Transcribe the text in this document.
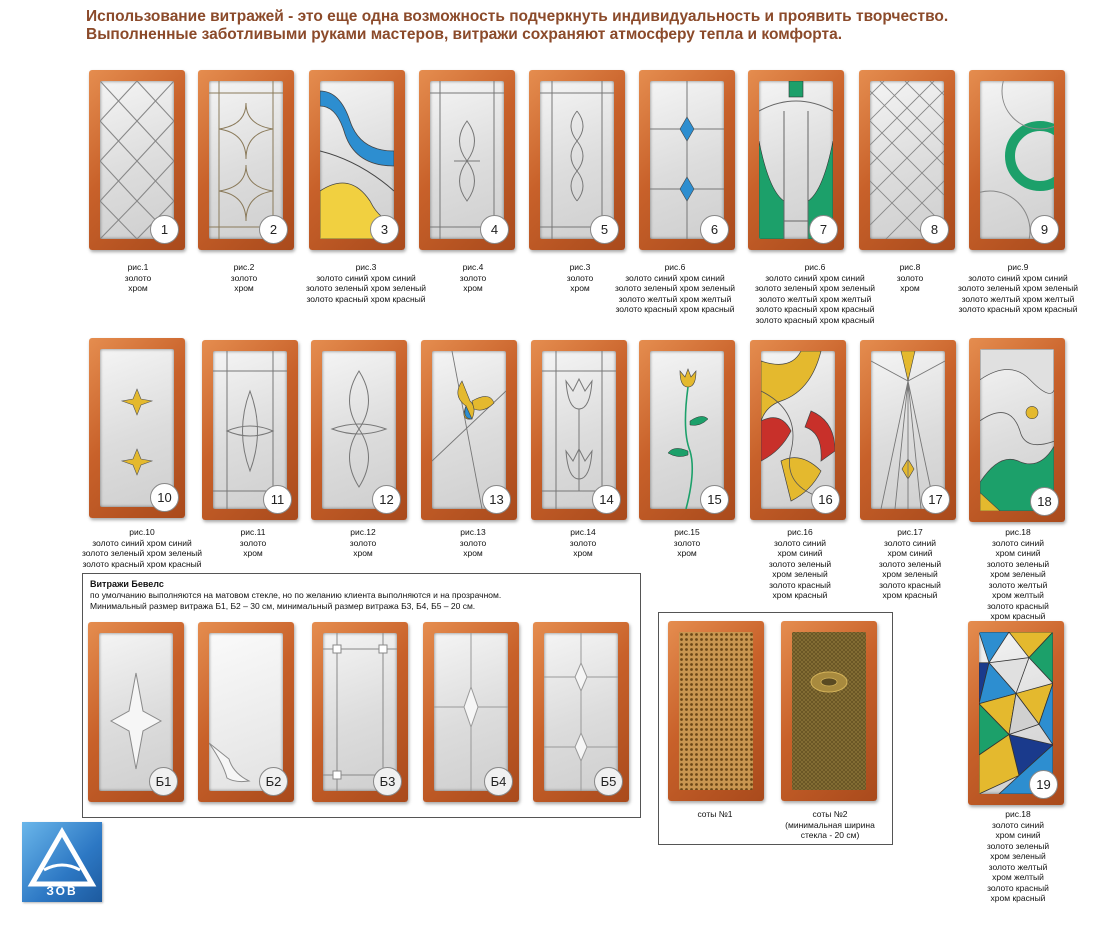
Использование витражей - это еще одна возможность подчеркнуть индивидуальность и проявить творчество.
Выполненные заботливыми руками мастеров, витражи сохраняют атмосферу тепла и комфорта.
1
рис.1
золото
хром
2
рис.2
золото
хром
3
рис.3
золото синий хром синий
золото зеленый хром зеленый
золото красный хром красный
4
рис.4
золото
хром
5
рис.3
золото
хром
6
рис.6
золото синий хром синий
золото зеленый хром зеленый
золото желтый хром желтый
золото красный хром красный
7
рис.6
золото синий хром синий
золото зеленый хром зеленый
золото желтый хром желтый
золото красный хром красный
золото красный хром красный
8
рис.8
золото
хром
9
рис.9
золото синий хром синий
золото зеленый хром зеленый
золото желтый хром желтый
золото красный хром красный
10
рис.10
золото синий хром синий
золото зеленый хром зеленый
золото красный хром красный
11
рис.11
золото
хром
12
рис.12
золото
хром
13
рис.13
золото
хром
14
рис.14
золото
хром
15
рис.15
золото
хром
16
рис.16
золото синий
хром синий
золото зеленый
хром зеленый
золото красный
хром красный
17
рис.17
золото синий
хром синий
золото зеленый
хром зеленый
золото красный
хром красный
18
рис.18
золото синий
хром синий
золото зеленый
хром зеленый
золото желтый
хром желтый
золото красный
хром красный
Витражи Бевелс
по умолчанию выполняются на матовом стекле, но по желанию клиента выполняются и на прозрачном.
Минимальный размер витража Б1, Б2 – 30 см, минимальный размер витража Б3, Б4, Б5 – 20 см.
Б1	Б2	Б3	Б4	Б5
соты №1	соты №2
(минимальная ширина
стекла - 20 см)
19
рис.18
золото синий
хром синий
золото зеленый
хром зеленый
золото желтый
хром желтый
золото красный
хром красный
ЗОВ
